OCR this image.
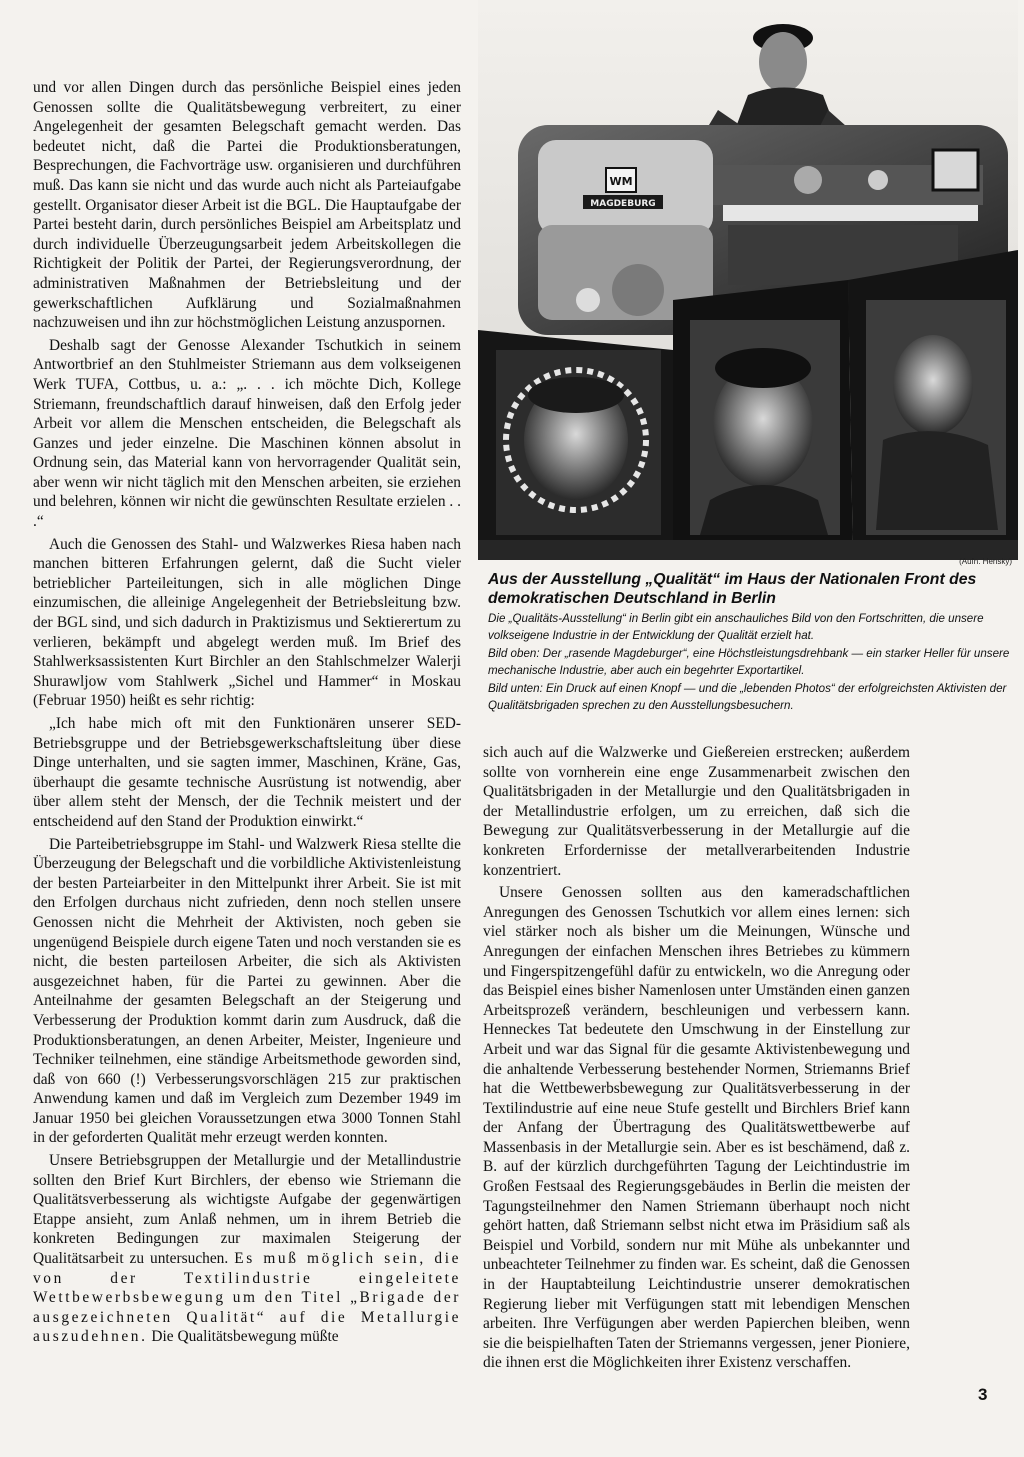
und vor allen Dingen durch das persönliche Beispiel eines jeden Genossen sollte die Qualitätsbewegung verbreitert, zu einer Angelegenheit der gesamten Belegschaft gemacht werden. Das bedeutet nicht, daß die Partei die Produktionsberatungen, Besprechungen, die Fachvorträge usw. organisieren und durchführen muß. Das kann sie nicht und das wurde auch nicht als Parteiaufgabe gestellt. Organisator dieser Arbeit ist die BGL. Die Hauptaufgabe der Partei besteht darin, durch persönliches Beispiel am Arbeitsplatz und durch individuelle Überzeugungsarbeit jedem Arbeitskollegen die Richtigkeit der Politik der Partei, der Regierungsverordnung, der administrativen Maßnahmen der Betriebsleitung und der gewerkschaftlichen Aufklärung und Sozialmaßnahmen nachzuweisen und ihn zur höchstmöglichen Leistung anzuspornen.

Deshalb sagt der Genosse Alexander Tschutkich in seinem Antwortbrief an den Stuhlmeister Striemann aus dem volkseigenen Werk TUFA, Cottbus, u. a.: „. . . ich möchte Dich, Kollege Striemann, freundschaftlich darauf hinweisen, daß den Erfolg jeder Arbeit vor allem die Menschen entscheiden, die Belegschaft als Ganzes und jeder einzelne. Die Maschinen können absolut in Ordnung sein, das Material kann von hervorragender Qualität sein, aber wenn wir nicht täglich mit den Menschen arbeiten, sie erziehen und belehren, können wir nicht die gewünschten Resultate erzielen . . .“

Auch die Genossen des Stahl- und Walzwerkes Riesa haben nach manchen bitteren Erfahrungen gelernt, daß die Sucht vieler betrieblicher Parteileitungen, sich in alle möglichen Dinge einzumischen, die alleinige Angelegenheit der Betriebsleitung bzw. der BGL sind, und sich dadurch in Praktizismus und Sektierertum zu verlieren, bekämpft und abgelegt werden muß. Im Brief des Stahlwerksassistenten Kurt Birchler an den Stahlschmelzer Walerji Shurawljow vom Stahlwerk „Sichel und Hammer“ in Moskau (Februar 1950) heißt es sehr richtig:

„Ich habe mich oft mit den Funktionären unserer SED-Betriebsgruppe und der Betriebsgewerkschaftsleitung über diese Dinge unterhalten, und sie sagten immer, Maschinen, Kräne, Gas, überhaupt die gesamte technische Ausrüstung ist notwendig, aber über allem steht der Mensch, der die Technik meistert und der entscheidend auf den Stand der Produktion einwirkt.“

Die Parteibetriebsgruppe im Stahl- und Walzwerk Riesa stellte die Überzeugung der Belegschaft und die vorbildliche Aktivistenleistung der besten Parteiarbeiter in den Mittelpunkt ihrer Arbeit. Sie ist mit den Erfolgen durchaus nicht zufrieden, denn noch stellen unsere Genossen nicht die Mehrheit der Aktivisten, noch geben sie ungenügend Beispiele durch eigene Taten und noch verstanden sie es nicht, die besten parteilosen Arbeiter, die sich als Aktivisten ausgezeichnet haben, für die Partei zu gewinnen. Aber die Anteilnahme der gesamten Belegschaft an der Steigerung und Verbesserung der Produktion kommt darin zum Ausdruck, daß die Produktionsberatungen, an denen Arbeiter, Meister, Ingenieure und Techniker teilnehmen, eine ständige Arbeitsmethode geworden sind, daß von 660 (!) Verbesserungsvorschlägen 215 zur praktischen Anwendung kamen und daß im Vergleich zum Dezember 1949 im Januar 1950 bei gleichen Voraussetzungen etwa 3000 Tonnen Stahl in der geforderten Qualität mehr erzeugt werden konnten.

Unsere Betriebsgruppen der Metallurgie und der Metallindustrie sollten den Brief Kurt Birchlers, der ebenso wie Striemann die Qualitätsverbesserung als wichtigste Aufgabe der gegenwärtigen Etappe ansieht, zum Anlaß nehmen, um in ihrem Betrieb die konkreten Bedingungen zur maximalen Steigerung der Qualitätsarbeit zu untersuchen. Es muß möglich sein, die von der Textilindustrie eingeleitete Wettbewerbsbewegung um den Titel „Brigade der ausgezeichneten Qualität“ auf die Metallurgie auszudehnen. Die Qualitätsbewegung müßte

WM
MAGDEBURG
(Aufn. Hensky)
Aus der Ausstellung „Qualität“ im Haus der Nationalen Front des demokratischen Deutschland in Berlin

Die „Qualitäts-Ausstellung“ in Berlin gibt ein anschauliches Bild von den Fortschritten, die unsere volkseigene Industrie in der Entwicklung der Qualität erzielt hat.

Bild oben: Der „rasende Magdeburger“, eine Höchstleistungsdrehbank — ein starker Heller für unsere mechanische Industrie, aber auch ein begehrter Exportartikel.

Bild unten: Ein Druck auf einen Knopf — und die „lebenden Photos“ der erfolgreichsten Aktivisten der Qualitätsbrigaden sprechen zu den Ausstellungsbesuchern.

sich auch auf die Walzwerke und Gießereien erstrecken; außerdem sollte von vornherein eine enge Zusammenarbeit zwischen den Qualitätsbrigaden in der Metallurgie und den Qualitätsbrigaden in der Metallindustrie erfolgen, um zu erreichen, daß sich die Bewegung zur Qualitätsverbesserung in der Metallurgie auf die konkreten Erfordernisse der metallverarbeitenden Industrie konzentriert.

Unsere Genossen sollten aus den kameradschaftlichen Anregungen des Genossen Tschutkich vor allem eines lernen: sich viel stärker noch als bisher um die Meinungen, Wünsche und Anregungen der einfachen Menschen ihres Betriebes zu kümmern und Fingerspitzengefühl dafür zu entwickeln, wo die Anregung oder das Beispiel eines bisher Namenlosen unter Umständen einen ganzen Arbeitsprozeß verändern, beschleunigen und verbessern kann. Henneckes Tat bedeutete den Umschwung in der Einstellung zur Arbeit und war das Signal für die gesamte Aktivistenbewegung und die anhaltende Verbesserung bestehender Normen, Striemanns Brief hat die Wettbewerbsbewegung zur Qualitätsverbesserung in der Textilindustrie auf eine neue Stufe gestellt und Birchlers Brief kann der Anfang der Übertragung des Qualitätswettbewerbe auf Massenbasis in der Metallurgie sein. Aber es ist beschämend, daß z. B. auf der kürzlich durchgeführten Tagung der Leichtindustrie im Großen Festsaal des Regierungsgebäudes in Berlin die meisten der Tagungsteilnehmer den Namen Striemann überhaupt noch nicht gehört hatten, daß Striemann selbst nicht etwa im Präsidium saß als Beispiel und Vorbild, sondern nur mit Mühe als unbekannter und unbeachteter Teilnehmer zu finden war. Es scheint, daß die Genossen in der Hauptabteilung Leichtindustrie unserer demokratischen Regierung lieber mit Verfügungen statt mit lebendigen Menschen arbeiten. Ihre Verfügungen aber werden Papierchen bleiben, wenn sie die beispielhaften Taten der Striemanns vergessen, jener Pioniere, die ihnen erst die Möglichkeiten ihrer Existenz verschaffen.

3
